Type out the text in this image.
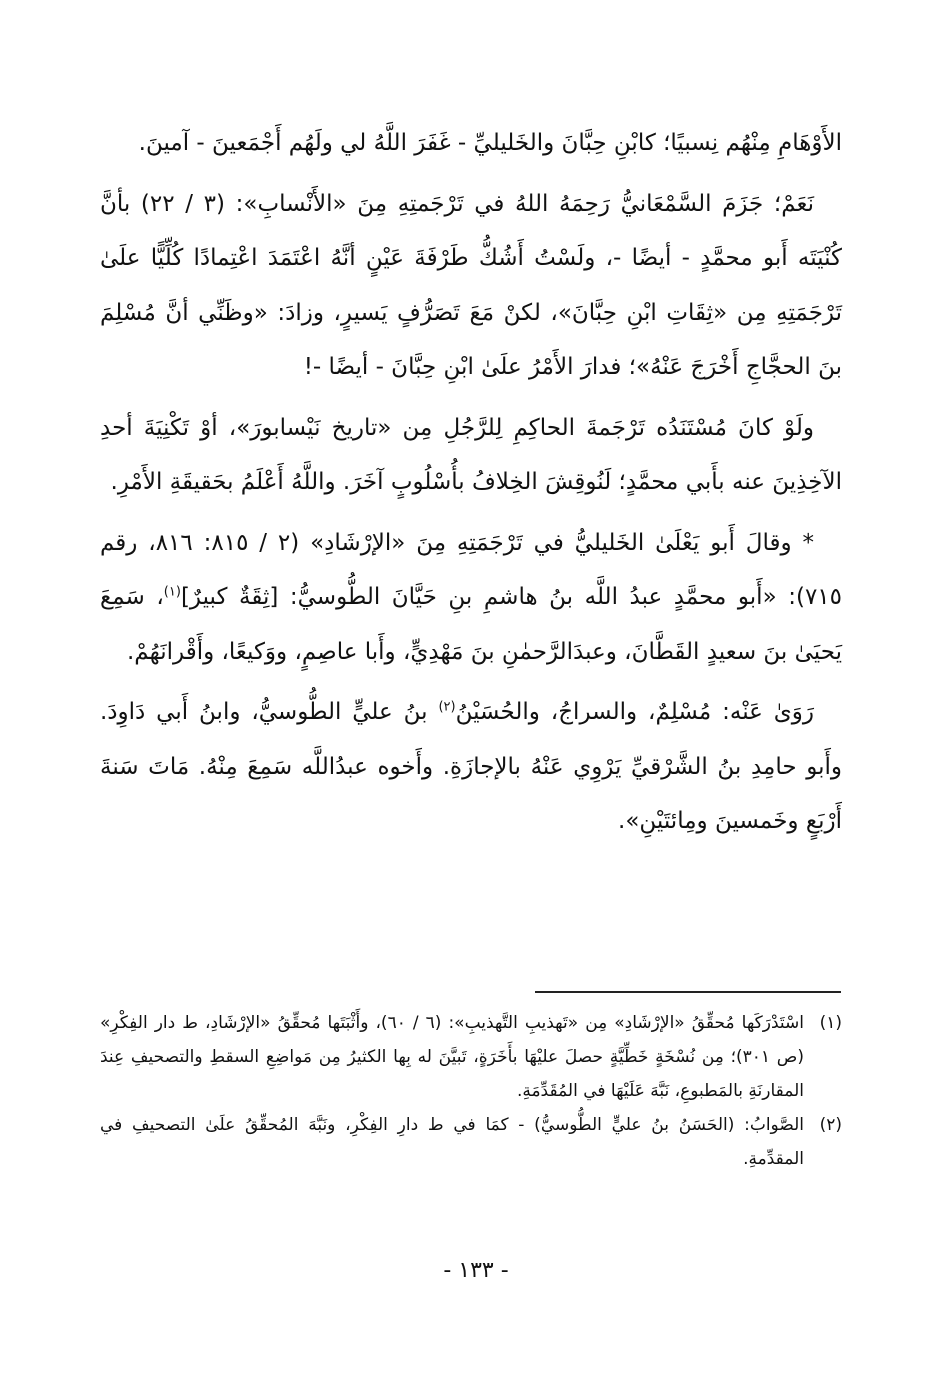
الأَوْهَامِ مِنْهُم نِسبيًا؛ كابْنِ حِبَّانَ والخَليليِّ - غَفَرَ اللَّهُ لي ولَهُم أَجْمَعينَ - آمينَ.

نَعَمْ؛ جَزَمَ السَّمْعَانيُّ رَحِمَهُ اللهُ في تَرْجَمتِهِ مِنَ «الأَنْسابِ»: (٣ / ٢٢) بأنَّ كُنْيَتَه أَبو محمَّدٍ - أيضًا -، ولَسْتُ أَشُكُّ طَرْفَةَ عَيْنٍ أنَّهُ اعْتَمَدَ اعْتِمادًا كُلِّيًّا علَىٰ تَرْجَمَتِهِ مِن «ثِقَاتِ ابْنِ حِبَّانَ»، لكنْ مَعَ تَصَرُّفٍ يَسيرٍ، وزادَ: «وظَنِّي أنَّ مُسْلِمَ بنَ الحجَّاجِ أَخْرَجَ عَنْهُ»؛ فدارَ الأَمْرُ علَىٰ ابْنِ حِبَّانَ - أيضًا -!

ولَوْ كانَ مُسْتَنَدُه تَرْجَمةَ الحاكِمِ لِلرَّجُلِ مِن «تاريخ نَيْسابورَ»، أوْ تَكْنِيَةَ أحدِ الآخِذِينَ عنه بأَبي محمَّدٍ؛ لَنُوقِشَ الخِلافُ بأُسْلُوبٍ آخَرَ. واللَّهُ أَعْلَمُ بحَقيقَةِ الأَمْرِ.

* وقالَ أَبو يَعْلَىٰ الخَليليُّ في تَرْجَمَتِهِ مِنَ «الإرْشَادِ» (٢ / ٨١٥: ٨١٦، رقم ٧١٥): «أَبو محمَّدٍ عبدُ اللَّه بنُ هاشمِ بنِ حَيَّانَ الطُّوسيُّ: [ثِقَةٌ كبيرٌ]$^{(١)}$، سَمِعَ يَحيَىٰ بنَ سعيدٍ القَطَّانَ، وعبدَالرَّحمٰنِ بنَ مَهْدِيٍّ، وأَبا عاصِمٍ، ووَكيعًا، وأَقْرانَهُمْ.

رَوَىٰ عَنْه: مُسْلِمٌ، والسراجُ، والحُسَيْنُ$^{(٢)}$ بنُ عليٍّ الطُّوسيُّ، وابنُ أَبي دَاوِدَ. وأَبو حامِدِ بنُ الشَّرْقيِّ يَرْوِي عَنْهُ بالإجازَةِ. وأَخوه عبدُاللَّه سَمِعَ مِنْهُ. مَاتَ سَنةَ أَرْبَعٍ وخَمسينَ ومِائتَيْنِ».

(١)
اسْتَدْرَكَها مُحقِّقُ «الإرْشَادِ» مِن «تَهذيبِ التَّهذيبِ»: (٦ / ٦٠)، وأَثْبَتَها مُحقِّقُ «الإرْشَادِ، ط دار الفِكْرِ» (ص ٣٠١)؛ مِن نُسْخَةٍ خَطِّيَّةٍ حصلَ عليْهَا بأَخَرَةٍ، تَبيَّنَ له بِها الكثيرُ مِن مَواضِعِ السقطِ والتصحيفِ عِندَ المقارنَةِ بالمَطبوعِ، نَبَّهَ عَلَيْهَا في المُقَدِّمَةِ.

(٢)
الصَّوابُ: (الحَسَنُ بنُ عليٍّ الطُّوسيُّ) - كمَا في ط دارِ الفِكْرِ، ونَبَّهَ المُحقِّقُ علَىٰ التصحيفِ في المقدِّمةِ.

- ١٣٣ -
